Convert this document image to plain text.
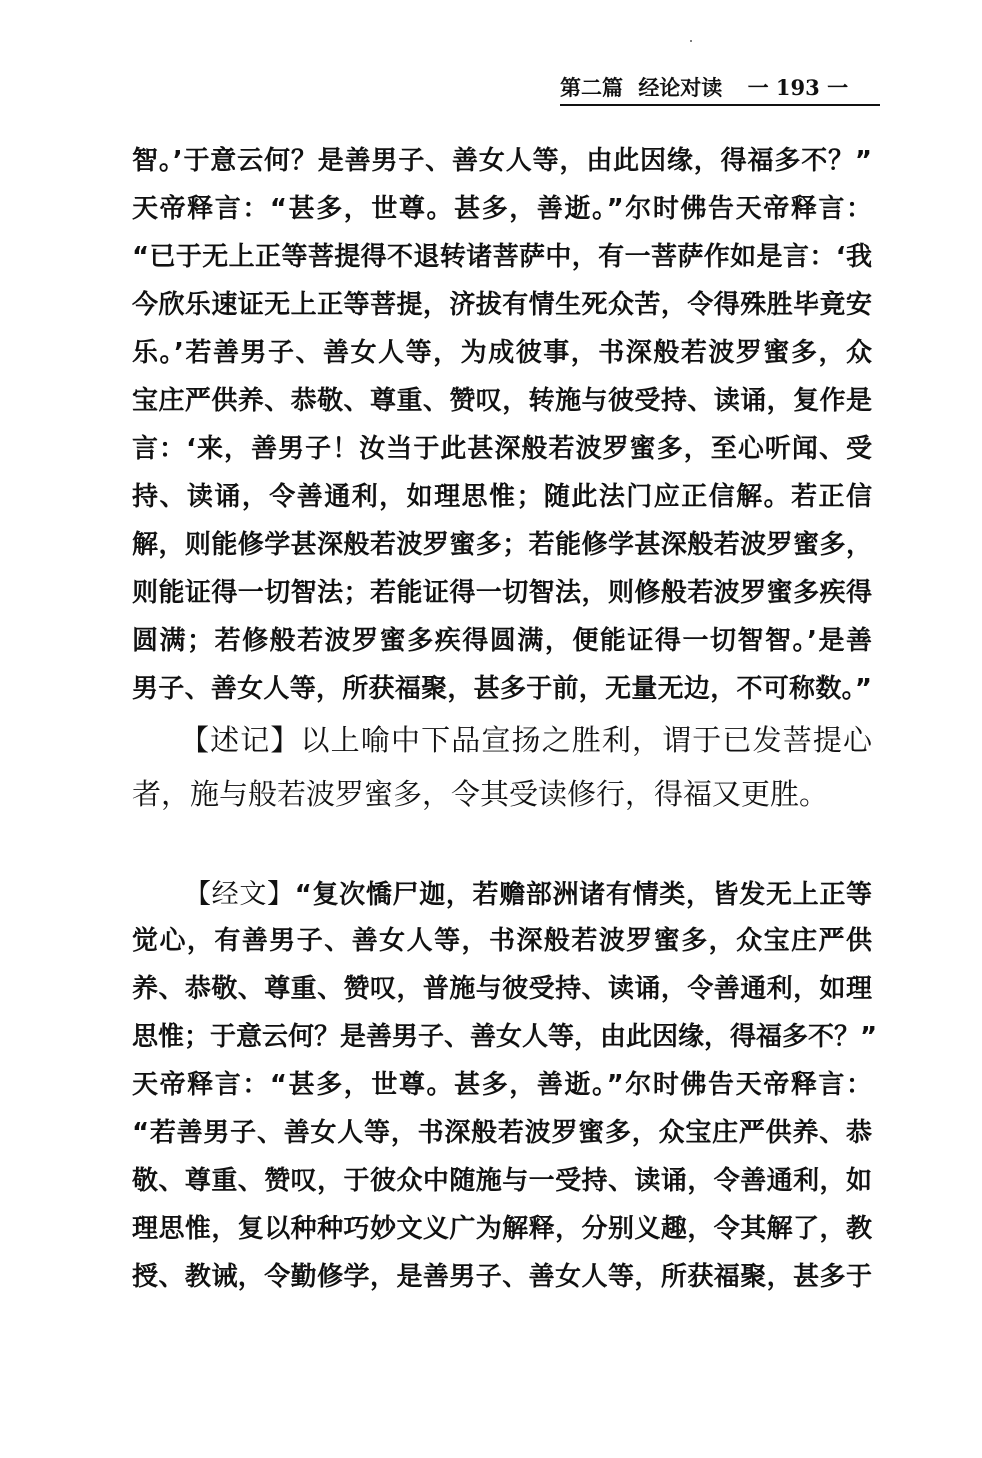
第二篇 经论对读 一 193 一
智。’于意云何？是善男子、善女人等，由此因缘，得福多不？”
天帝释言：“甚多，世尊。甚多，善逝。”尔时佛告天帝释言：
“已于无上正等菩提得不退转诸菩萨中，有一菩萨作如是言：‘我
今欣乐速证无上正等菩提，济拔有情生死众苦，令得殊胜毕竟安
乐。’若善男子、善女人等，为成彼事，书深般若波罗蜜多，众
宝庄严供养、恭敬、尊重、赞叹，转施与彼受持、读诵，复作是
言：‘来，善男子！汝当于此甚深般若波罗蜜多，至心听闻、受
持、读诵，令善通利，如理思惟；随此法门应正信解。若正信
解，则能修学甚深般若波罗蜜多；若能修学甚深般若波罗蜜多，
则能证得一切智法；若能证得一切智法，则修般若波罗蜜多疾得
圆满；若修般若波罗蜜多疾得圆满，便能证得一切智智。’是善
男子、善女人等，所获福聚，甚多于前，无量无边，不可称数。”
【述记】以上喻中下品宣扬之胜利，谓于已发菩提心
者，施与般若波罗蜜多，令其受读修行，得福又更胜。
【经文】“复次憍尸迦，若赡部洲诸有情类，皆发无上正等
觉心，有善男子、善女人等，书深般若波罗蜜多，众宝庄严供
养、恭敬、尊重、赞叹，普施与彼受持、读诵，令善通利，如理
思惟；于意云何？是善男子、善女人等，由此因缘，得福多不？”
天帝释言：“甚多，世尊。甚多，善逝。”尔时佛告天帝释言：
“若善男子、善女人等，书深般若波罗蜜多，众宝庄严供养、恭
敬、尊重、赞叹，于彼众中随施与一受持、读诵，令善通利，如
理思惟，复以种种巧妙文义广为解释，分别义趣，令其解了，教
授、教诫，令勤修学，是善男子、善女人等，所获福聚，甚多于
